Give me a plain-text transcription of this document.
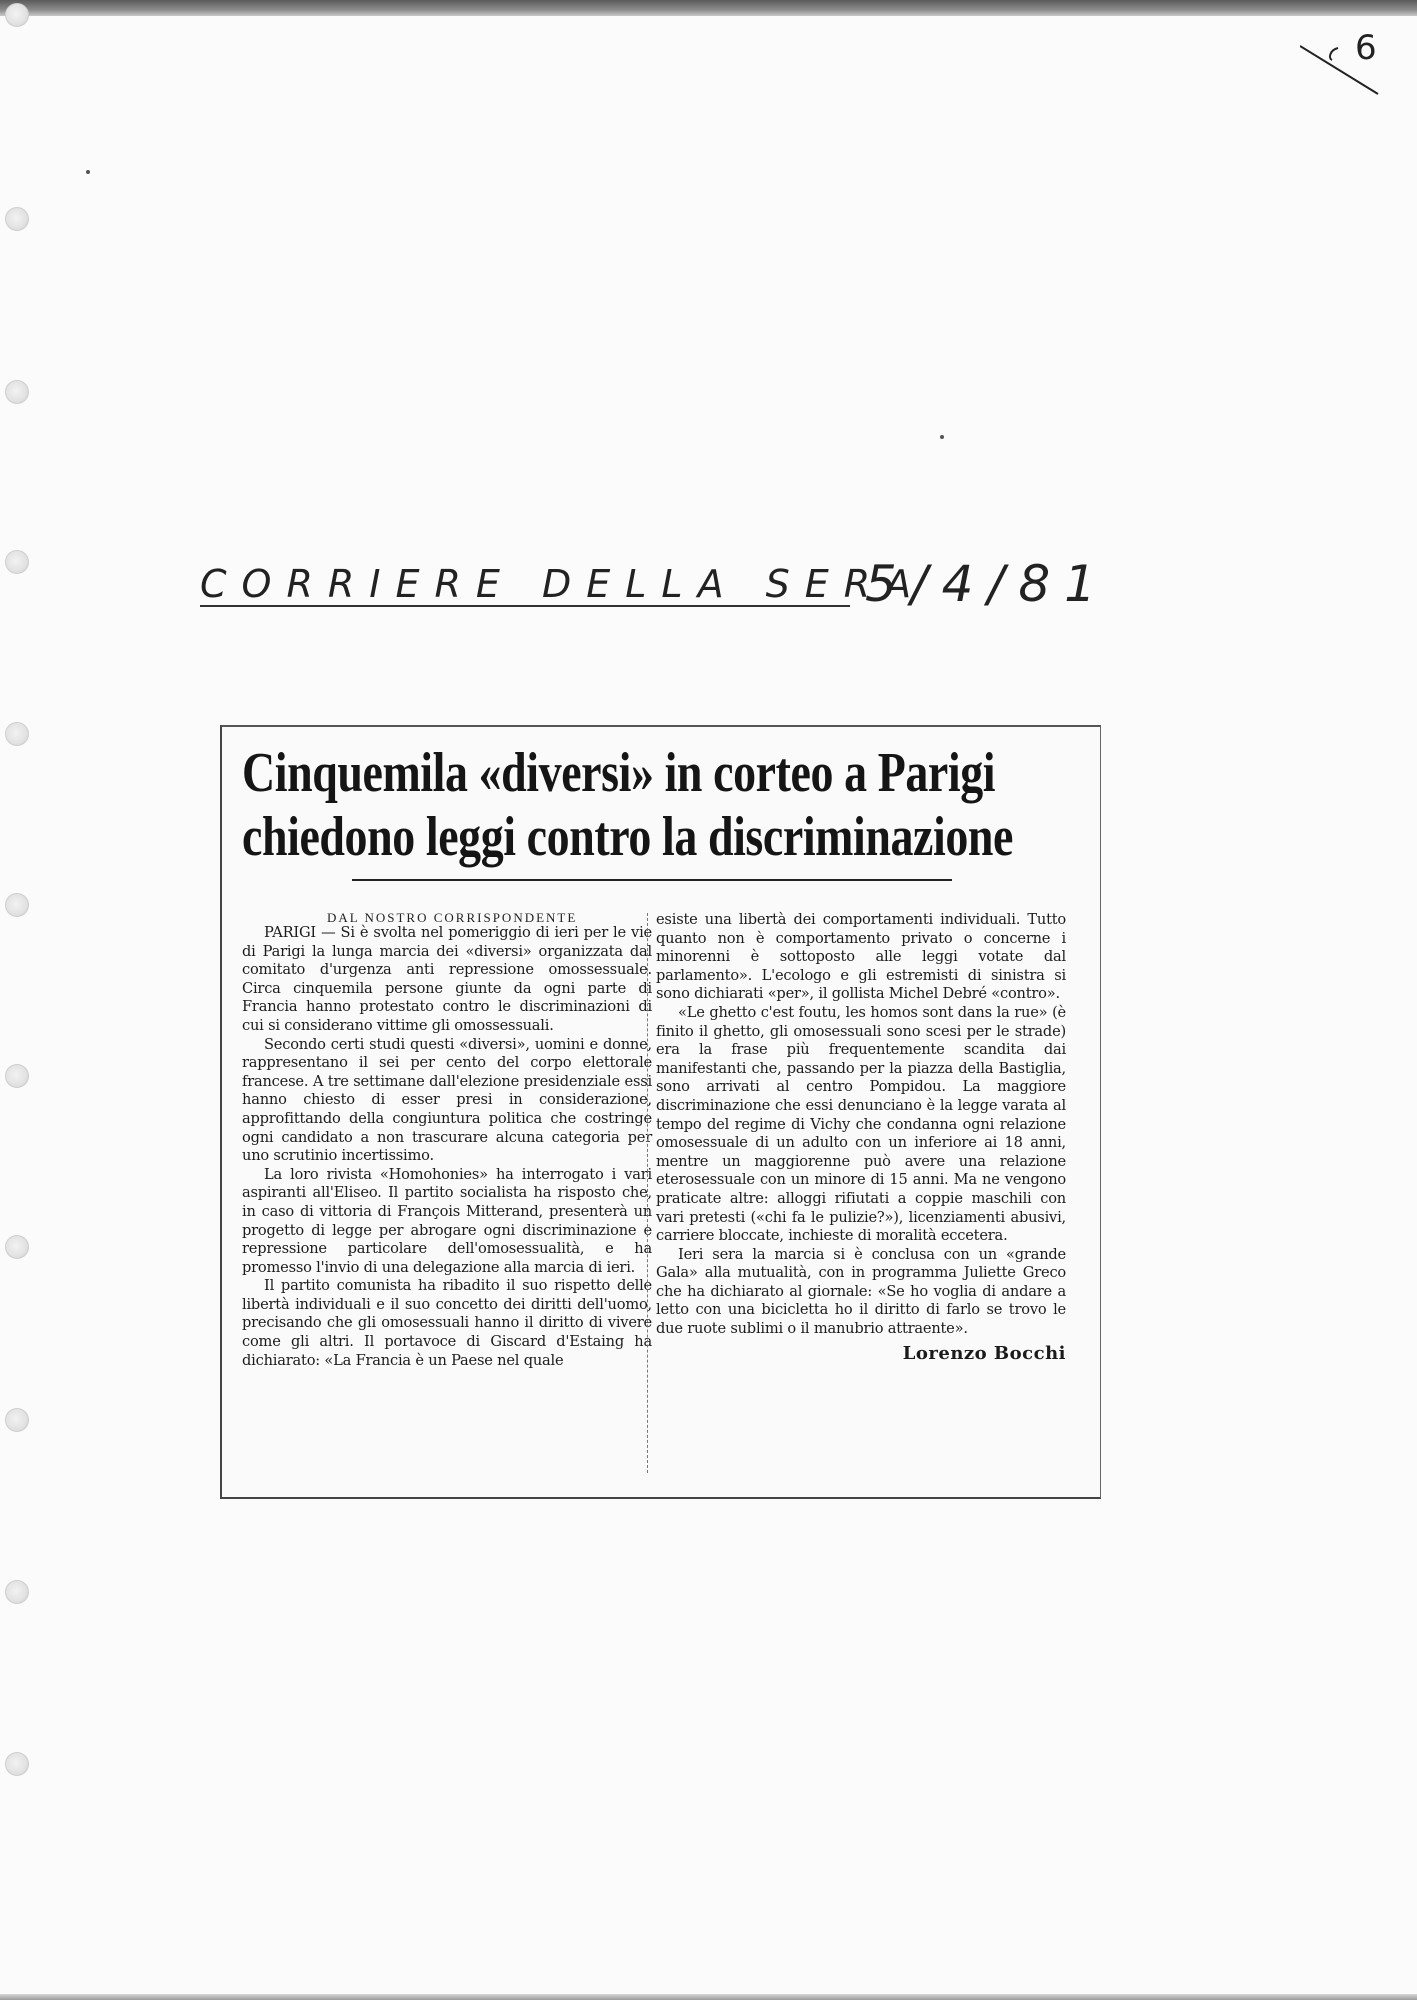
6
CORRIERE DELLA SERA
5/4/81
Cinquemila «diversi» in corteo a Parigi
chiedono leggi contro la discriminazione
DAL NOSTRO CORRISPONDENTE

PARIGI — Si è svolta nel pomeriggio di ieri per le vie di Parigi la lunga marcia dei «diversi» organizzata dal comitato d'urgenza anti repressione omossessuale. Circa cinquemila persone giunte da ogni parte di Francia hanno protestato contro le discriminazioni di cui si considerano vittime gli omossessuali.

Secondo certi studi questi «diversi», uomini e donne, rappresentano il sei per cento del corpo elettorale francese. A tre settimane dall'elezione presidenziale essi hanno chiesto di esser presi in considerazione, approfittando della congiuntura politica che costringe ogni candidato a non trascurare alcuna categoria per uno scrutinio incertissimo.

La loro rivista «Homohonies» ha interrogato i vari aspiranti all'Eliseo. Il partito socialista ha risposto che, in caso di vittoria di François Mitterand, presenterà un progetto di legge per abrogare ogni discriminazione e repressione particolare dell'omosessualità, e ha promesso l'invio di una delegazione alla marcia di ieri.

Il partito comunista ha ribadito il suo rispetto delle libertà individuali e il suo concetto dei diritti dell'uomo, precisando che gli omosessuali hanno il diritto di vivere come gli altri. Il portavoce di Giscard d'Estaing ha dichiarato: «La Francia è un Paese nel quale

esiste una libertà dei comportamenti individuali. Tutto quanto non è comportamento privato o concerne i minorenni è sottoposto alle leggi votate dal parlamento». L'ecologo e gli estremisti di sinistra si sono dichiarati «per», il gollista Michel Debré «contro».

«Le ghetto c'est foutu, les homos sont dans la rue» (è finito il ghetto, gli omosessuali sono scesi per le strade) era la frase più frequentemente scandita dai manifestanti che, passando per la piazza della Bastiglia, sono arrivati al centro Pompidou. La maggiore discriminazione che essi denunciano è la legge varata al tempo del regime di Vichy che condanna ogni relazione omosessuale di un adulto con un inferiore ai 18 anni, mentre un maggiorenne può avere una relazione eterosessuale con un minore di 15 anni. Ma ne vengono praticate altre: alloggi rifiutati a coppie maschili con vari pretesti («chi fa le pulizie?»), licenziamenti abusivi, carriere bloccate, inchieste di moralità eccetera.

Ieri sera la marcia si è conclusa con un «grande Gala» alla mutualità, con in programma Juliette Greco che ha dichiarato al giornale: «Se ho voglia di andare a letto con una bicicletta ho il diritto di farlo se trovo le due ruote sublimi o il manubrio attraente».

Lorenzo Bocchi
